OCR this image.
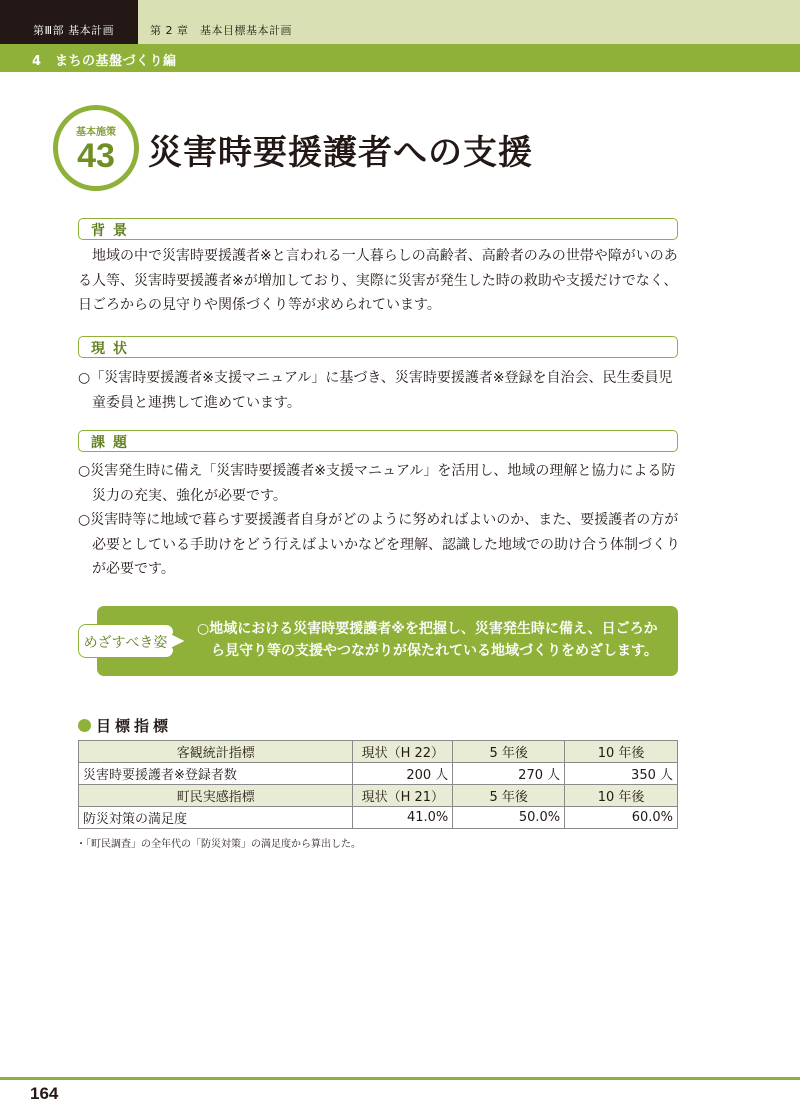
第Ⅲ部 基本計画	第 2 章　基本目標基本計画
4　まちの基盤づくり編
基本施策
43 災害時要援護者への支援
背景

地域の中で災害時要援護者※と言われる一人暮らしの高齢者、高齢者のみの世帯や障がいのある人等、災害時要援護者※が増加しており、実際に災害が発生した時の救助や支援だけでなく、日ごろからの見守りや関係づくり等が求められています。

現状
○「災害時要援護者※支援マニュアル」に基づき、災害時要援護者※登録を自治会、民生委員児童委員と連携して進めています。
課題
○災害発生時に備え「災害時要援護者※支援マニュアル」を活用し、地域の理解と協力による防災力の充実、強化が必要です。
○災害時等に地域で暮らす要援護者自身がどのように努めればよいのか、また、要援護者の方が必要としている手助けをどう行えばよいかなどを理解、認識した地域での助け合う体制づくりが必要です。
○地域における災害時要援護者※を把握し、災害発生時に備え、日ごろから見守り等の支援やつながりが保たれている地域づくりをめざします。
めざすべき姿
目標指標
客観統計指標	現状（H 22）	5 年後	10 年後
災害時要援護者※登録者数	200 人	270 人	350 人
町民実感指標	現状（H 21）	5 年後	10 年後
防災対策の満足度	41.0%	50.0%	60.0%
・「町民調査」の全年代の「防災対策」の満足度から算出した。
164
